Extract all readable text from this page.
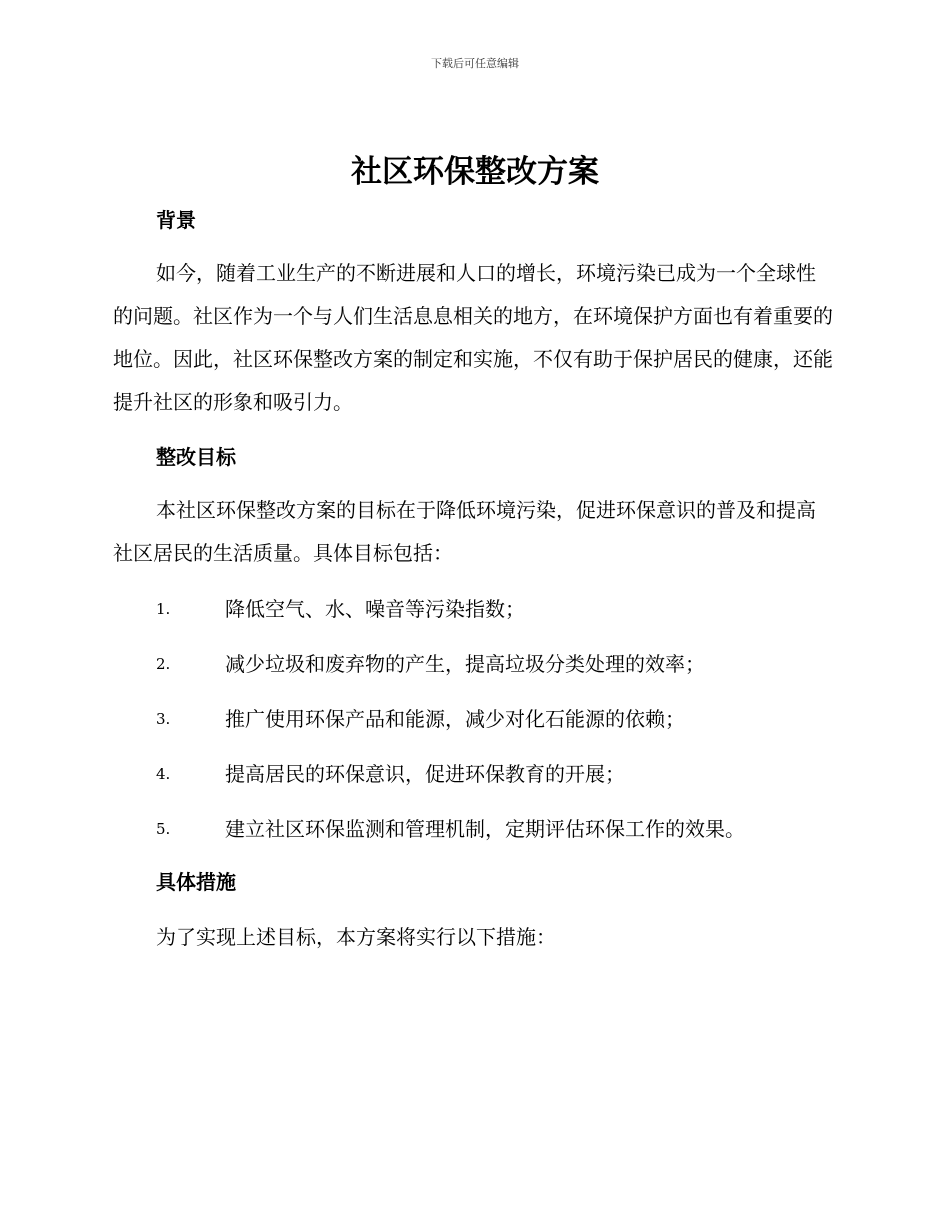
下载后可任意编辑
社区环保整改方案
背景

如今，随着工业生产的不断进展和人口的增长，环境污染已成为一个全球性的问题。社区作为一个与人们生活息息相关的地方，在环境保护方面也有着重要的地位。因此，社区环保整改方案的制定和实施，不仅有助于保护居民的健康，还能提升社区的形象和吸引力。

整改目标

本社区环保整改方案的目标在于降低环境污染，促进环保意识的普及和提高社区居民的生活质量。具体目标包括：

1.	降低空气、水、噪音等污染指数；
2.	减少垃圾和废弃物的产生，提高垃圾分类处理的效率；
3.	推广使用环保产品和能源，减少对化石能源的依赖；
4.	提高居民的环保意识，促进环保教育的开展；
5.	建立社区环保监测和管理机制，定期评估环保工作的效果。
具体措施

为了实现上述目标，本方案将实行以下措施：
